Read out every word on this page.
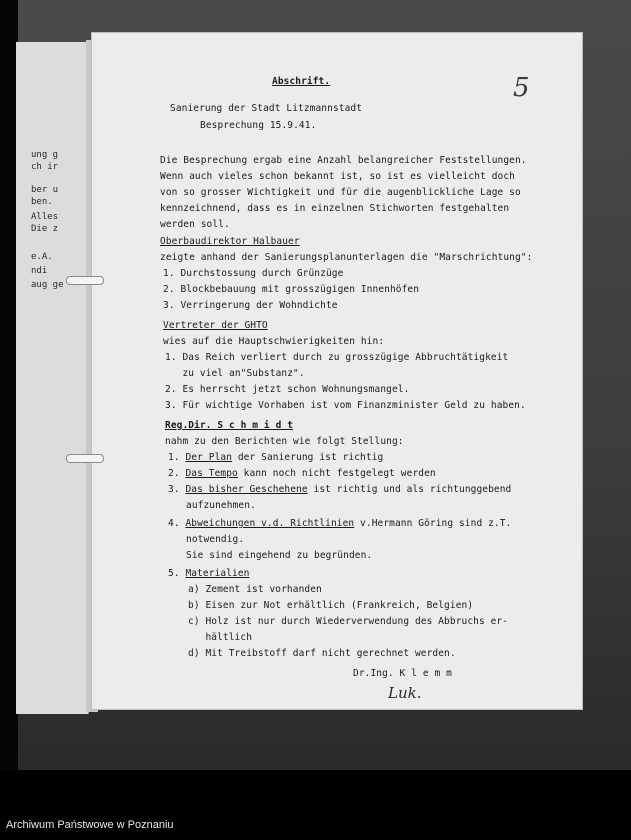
ung g
ch ir
ber u
ben.
Alles
Die z
e.A.
ndi
aug ge
5
Abschrift.
Sanierung der Stadt Litzmannstadt
Besprechung 15.9.41.
Die Besprechung ergab eine Anzahl belangreicher Feststellungen.
Wenn auch vieles schon bekannt ist, so ist es vielleicht doch
von so grosser Wichtigkeit und für die augenblickliche Lage so
kennzeichnend, dass es in einzelnen Stichworten festgehalten
werden soll.
Oberbaudirektor Halbauer
zeigte anhand der Sanierungsplanunterlagen die "Marschrichtung":
1. Durchstossung durch Grünzüge
2. Blockbebauung mit grosszügigen Innenhöfen
3. Verringerung der Wohndichte
Vertreter der GHTO
wies auf die Hauptschwierigkeiten hin:
1. Das Reich verliert durch zu grosszügige Abbruchtätigkeit
zu viel an"Substanz".
2. Es herrscht jetzt schon Wohnungsmangel.
3. Für wichtige Vorhaben ist vom Finanzminister Geld zu haben.
Reg.Dir. S c h m i d t
nahm zu den Berichten wie folgt Stellung:
1. Der Plan der Sanierung ist richtig
2. Das Tempo kann noch nicht festgelegt werden
3. Das bisher Geschehene ist richtig und als richtunggebend
aufzunehmen.
4. Abweichungen v.d. Richtlinien v.Hermann Göring sind z.T.
notwendig.
Sie sind eingehend zu begründen.
5. Materialien
a) Zement ist vorhanden
b) Eisen zur Not erhältlich (Frankreich, Belgien)
c) Holz ist nur durch Wiederverwendung des Abbruchs er-
hältlich
d) Mit Treibstoff darf nicht gerechnet werden.
Dr.Ing. K l e m m
Luk.
Archiwum Państwowe w Poznaniu
